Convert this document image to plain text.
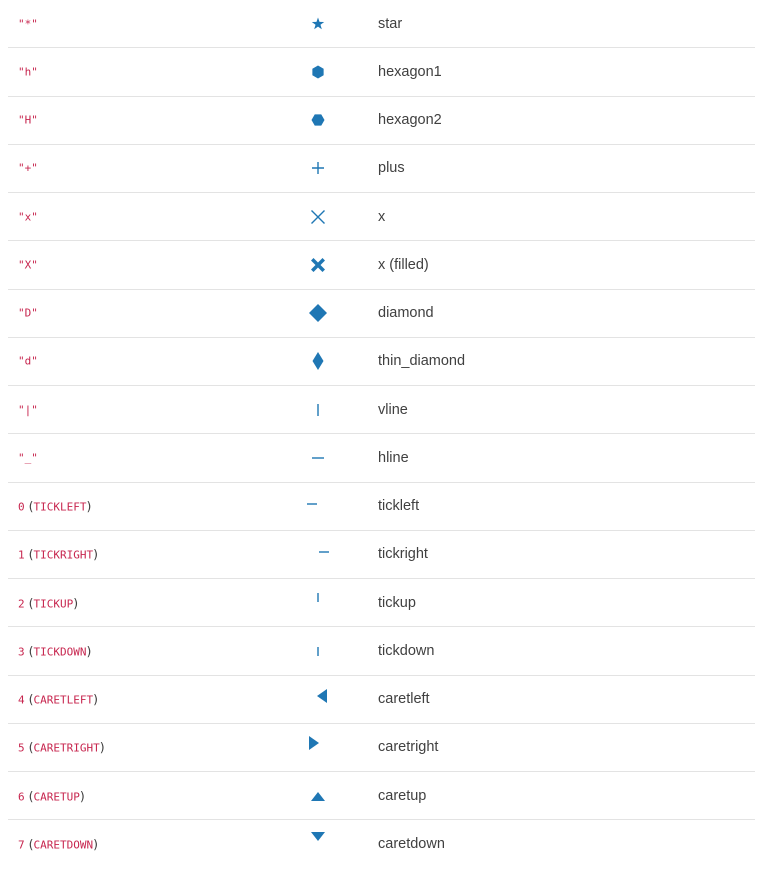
"*"	star
"h"	hexagon1
"H"	hexagon2
"+"	plus
"x"	x
"X"	x (filled)
"D"	diamond
"d"	thin_diamond
"|"	vline
"_"	hline
0 (TICKLEFT)	tickleft
1 (TICKRIGHT)	tickright
2 (TICKUP)	tickup
3 (TICKDOWN)	tickdown
4 (CARETLEFT)	caretleft
5 (CARETRIGHT)	caretright
6 (CARETUP)	caretup
7 (CARETDOWN)	caretdown
